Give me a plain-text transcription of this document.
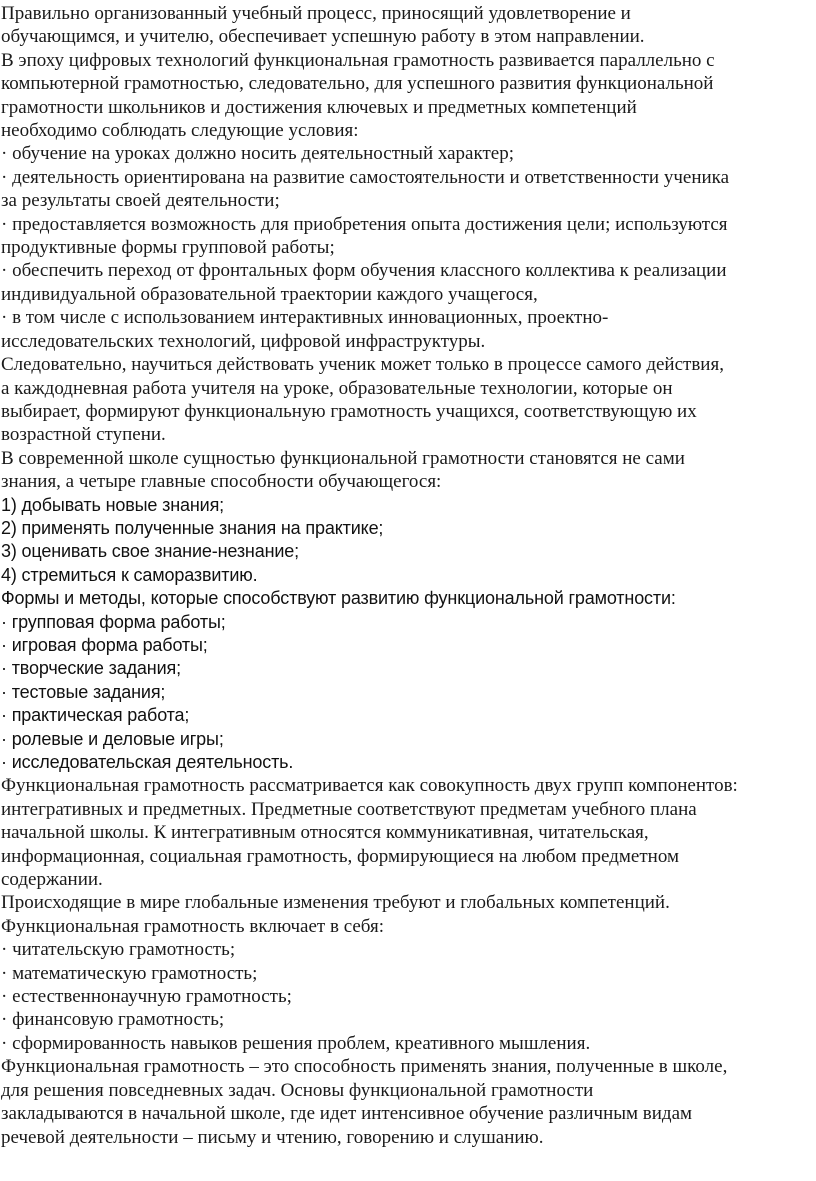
Правильно организованный учебный процесс, приносящий удовлетворение и
обучающимся, и учителю, обеспечивает успешную работу в этом направлении.
В эпоху цифровых технологий функциональная грамотность развивается параллельно с
компьютерной грамотностью, следовательно, для успешного развития функциональной
грамотности школьников и достижения ключевых и предметных компетенций
необходимо соблюдать следующие условия:
· обучение на уроках должно носить деятельностный характер;
· деятельность ориентирована на развитие самостоятельности и ответственности ученика
за результаты своей деятельности;
· предоставляется возможность для приобретения опыта достижения цели; используются
продуктивные формы групповой работы;
· обеспечить переход от фронтальных форм обучения классного коллектива к реализации
индивидуальной образовательной траектории каждого учащегося,
· в том числе с использованием интерактивных инновационных, проектно-
исследовательских технологий, цифровой инфраструктуры.
Следовательно, научиться действовать ученик может только в процессе самого действия,
а каждодневная работа учителя на уроке, образовательные технологии, которые он
выбирает, формируют функциональную грамотность учащихся, соответствующую их
возрастной ступени.
В современной школе сущностью функциональной грамотности становятся не сами
знания, а четыре главные способности обучающегося:
1) добывать новые знания;
2) применять полученные знания на практике;
3) оценивать свое знание-незнание;
4) стремиться к саморазвитию.
Формы и методы, которые способствуют развитию функциональной грамотности:
· групповая форма работы;
· игровая форма работы;
· творческие задания;
· тестовые задания;
· практическая работа;
· ролевые и деловые игры;
· исследовательская деятельность.
Функциональная грамотность рассматривается как совокупность двух групп компонентов:
интегративных и предметных. Предметные соответствуют предметам учебного плана
начальной школы. К интегративным относятся коммуникативная, читательская,
информационная, социальная грамотность, формирующиеся на любом предметном
содержании.
Происходящие в мире глобальные изменения требуют и глобальных компетенций.
Функциональная грамотность включает в себя:
· читательскую грамотность;
· математическую грамотность;
· естественнонаучную грамотность;
· финансовую грамотность;
· сформированность навыков решения проблем, креативного мышления.
Функциональная грамотность – это способность применять знания, полученные в школе,
для решения повседневных задач. Основы функциональной грамотности
закладываются в начальной школе, где идет интенсивное обучение различным видам
речевой деятельности – письму и чтению, говорению и слушанию.
